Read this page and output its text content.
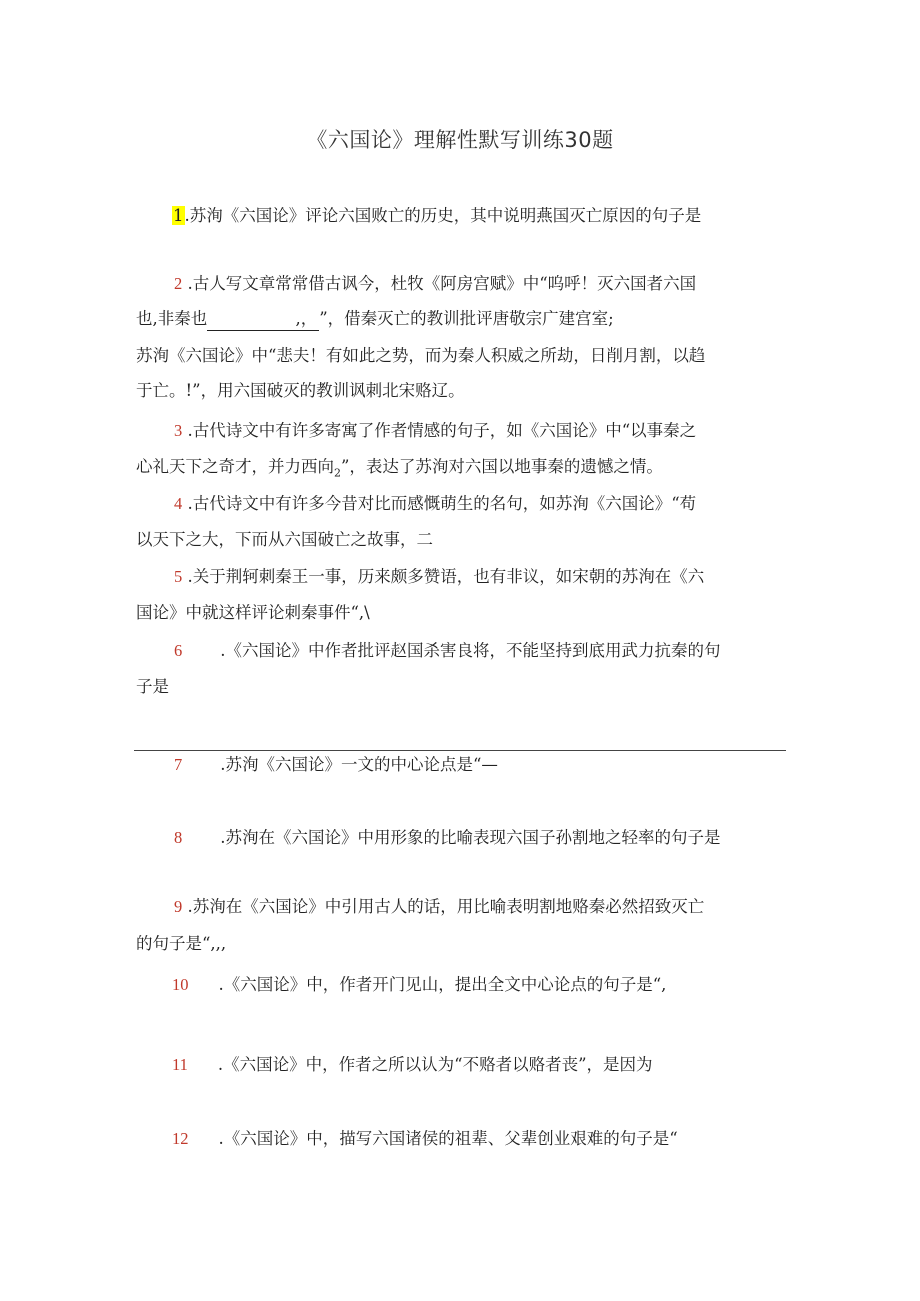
《六国论》理解性默写训练30题
1.苏洵《六国论》评论六国败亡的历史，其中说明燕国灭亡原因的句子是
2 .古人写文章常常借古讽今，杜牧《阿房宫赋》中“呜呼！灭六国者六国
也,非秦也	,， ”，借秦灭亡的教训批评唐敬宗广建宫室;
苏洵《六国论》中“悲夫！有如此之势，而为秦人积威之所劫，日削月割，以趋
于亡。!”，用六国破灭的教训讽刺北宋赂辽。
3 .古代诗文中有许多寄寓了作者情感的句子，如《六国论》中“以事秦之
心礼天下之奇才，并力西向$_2$”，表达了苏洵对六国以地事秦的遗憾之情。
4 .古代诗文中有许多今昔对比而感慨萌生的名句，如苏洵《六国论》“苟
以天下之大，下而从六国破亡之故事，二
5 .关于荆轲刺秦王一事，历来颇多赞语，也有非议，如宋朝的苏洵在《六
国论》中就这样评论刺秦事件“,\
6 .《六国论》中作者批评赵国杀害良将，不能坚持到底用武力抗秦的句
子是
7 .苏洵《六国论》一文的中心论点是“—
8 .苏洵在《六国论》中用形象的比喻表现六国子孙割地之轻率的句子是
9 .苏洵在《六国论》中引用古人的话，用比喻表明割地赂秦必然招致灭亡
的句子是“,,,
10 .《六国论》中，作者开门见山，提出全文中心论点的句子是“,
11 .《六国论》中，作者之所以认为“不赂者以赂者丧”，是因为
12 .《六国论》中，描写六国诸侯的祖辈、父辈创业艰难的句子是“
